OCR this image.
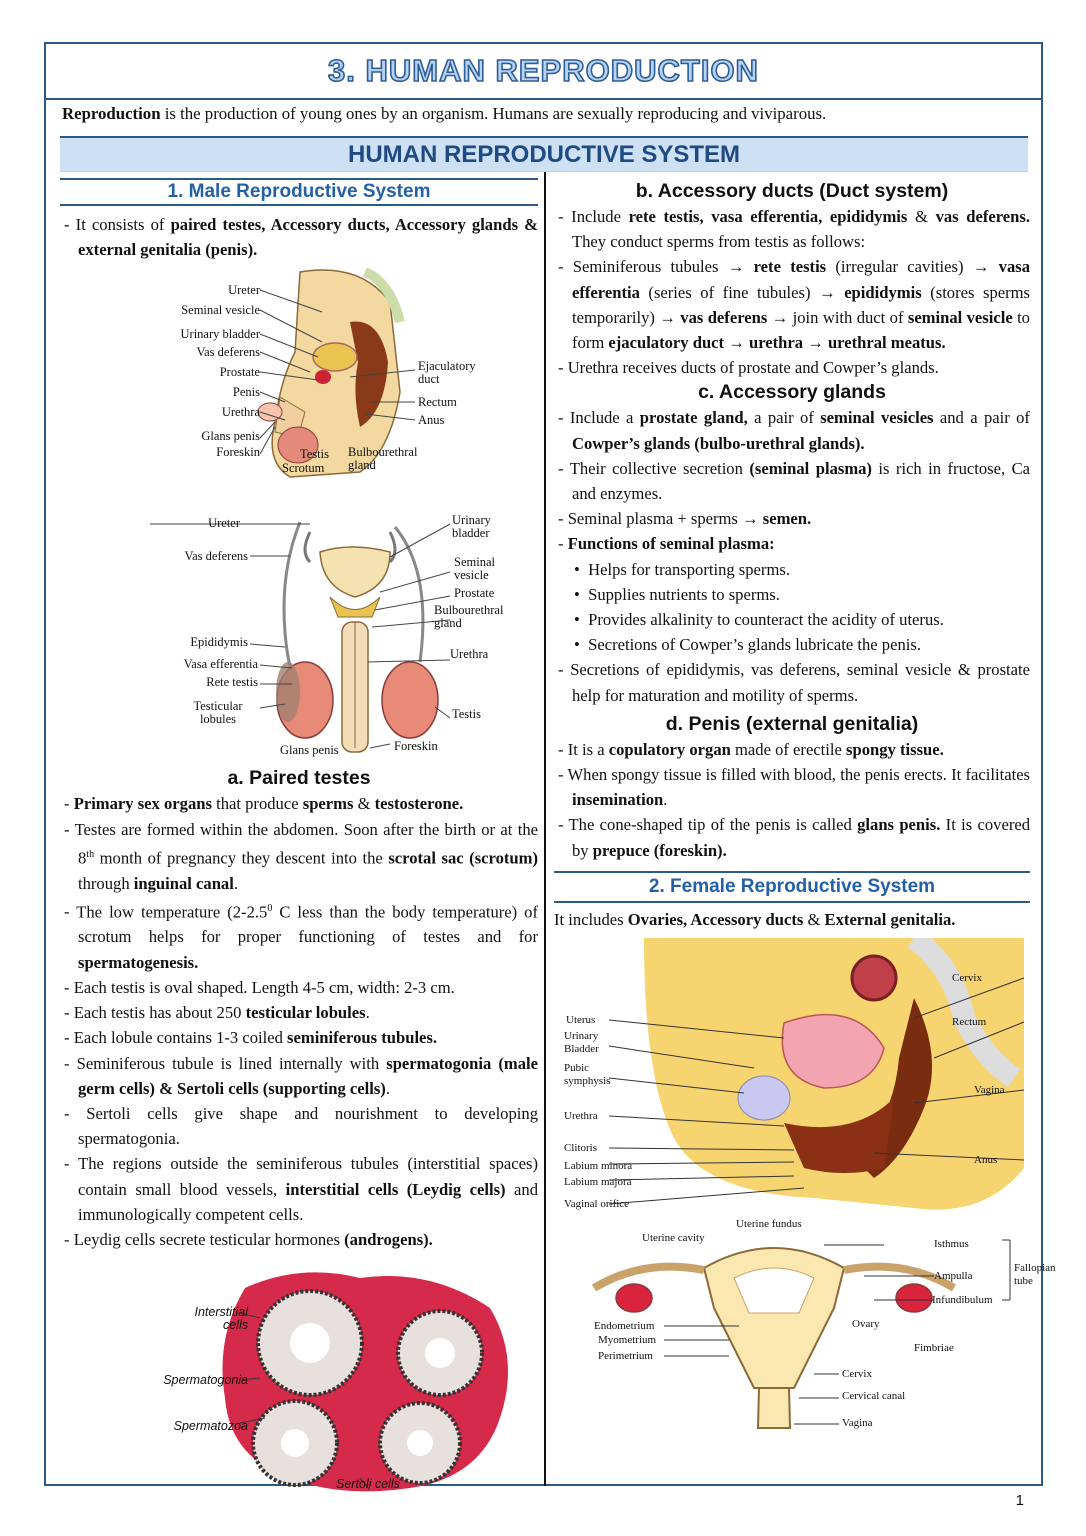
3. HUMAN REPRODUCTION
Reproduction is the production of young ones by an organism. Humans are sexually reproducing and viviparous.
HUMAN REPRODUCTIVE SYSTEM
1. Male Reproductive System
- It consists of paired testes, Accessory ducts, Accessory glands & external genitalia (penis).
Ureter
Seminal vesicle
Urinary bladder
Vas deferens
Prostate
Penis
Urethra
Glans penis
Foreskin	Testis
Scrotum
Bulbourethral gland
Ejaculatory duct
Rectum
Anus
Ureter
Vas deferens
Epididymis
Vasa efferentia
Rete testis
Testicular lobules
Glans penis	Foreskin
Urinary bladder
Seminal vesicle
Prostate
Bulbourethral gland
Urethra
Testis
a. Paired testes
- Primary sex organs that produce sperms & testosterone.
- Testes are formed within the abdomen. Soon after the birth or at the 8th month of pregnancy they descent into the scrotal sac (scrotum) through inguinal canal.
- The low temperature ($2-2.5^0$ C less than the body temperature) of scrotum helps for proper functioning of testes and for spermatogenesis.
- Each testis is oval shaped. Length 4-5 cm, width: 2-3 cm.
- Each testis has about 250 testicular lobules.
- Each lobule contains 1-3 coiled seminiferous tubules.
- Seminiferous tubule is lined internally with spermatogonia (male germ cells) & Sertoli cells (supporting cells).
- Sertoli cells give shape and nourishment to developing spermatogonia.
- The regions outside the seminiferous tubules (interstitial spaces) contain small blood vessels, interstitial cells (Leydig cells) and immunologically competent cells.
- Leydig cells secrete testicular hormones (androgens).
Interstitial cells
Spermatogonia
Spermatozoa
Sertoli cells
b. Accessory ducts (Duct system)
- Include rete testis, vasa efferentia, epididymis & vas deferens. They conduct sperms from testis as follows:
- Seminiferous tubules → rete testis (irregular cavities) → vasa efferentia (series of fine tubules) → epididymis (stores sperms temporarily) → vas deferens → join with duct of seminal vesicle to form ejaculatory duct → urethra → urethral meatus.
- Urethra receives ducts of prostate and Cowper’s glands.
c. Accessory glands
- Include a prostate gland, a pair of seminal vesicles and a pair of Cowper’s glands (bulbo-urethral glands).
- Their collective secretion (seminal plasma) is rich in fructose, Ca and enzymes.
- Seminal plasma + sperms → semen.
- Functions of seminal plasma:
•  Helps for transporting sperms.
•  Supplies nutrients to sperms.
•  Provides alkalinity to counteract the acidity of uterus.
•  Secretions of Cowper’s glands lubricate the penis.
- Secretions of epididymis, vas deferens, seminal vesicle & prostate help for maturation and motility of sperms.
d. Penis (external genitalia)
- It is a copulatory organ made of erectile spongy tissue.
- When spongy tissue is filled with blood, the penis erects. It facilitates insemination.
- The cone-shaped tip of the penis is called glans penis. It is covered by prepuce (foreskin).
2. Female Reproductive System
It includes Ovaries, Accessory ducts & External genitalia.
Cervix
Rectum
Uterus
Urinary Bladder
Pubic symphysis
Vagina
Urethra
Clitoris
Anus
Labium minora
Labium majora
Vaginal orifice
Uterine fundus
Uterine cavity	Isthmus
Ampulla
Infundibulum
Fallopian tube
Ovary
Fimbriae
Endometrium
Myometrium
Perimetrium
Cervix
Cervical canal
Vagina
1
